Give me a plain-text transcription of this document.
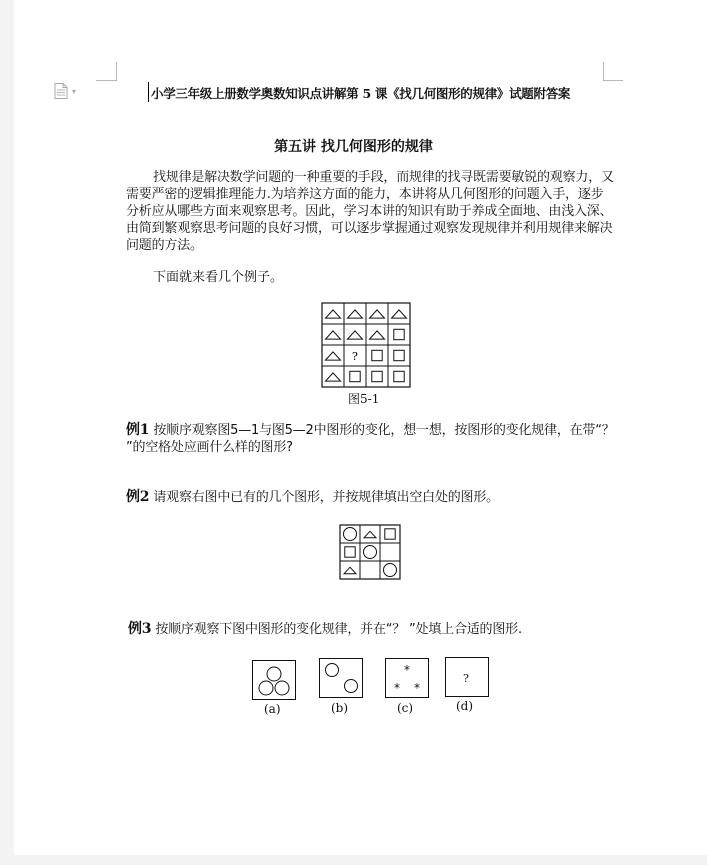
▾	小学三年级上册数学奥数知识点讲解第 5 课《找几何图形的规律》试题附答案
第五讲 找几何图形的规律

找规律是解决数学问题的一种重要的手段，而规律的找寻既需要敏锐的观察力，又需要严密的逻辑推理能力.为培养这方面的能力，本讲将从几何图形的问题入手，逐步分析应从哪些方面来观察思考。因此，学习本讲的知识有助于养成全面地、由浅入深、由简到繁观察思考问题的良好习惯，可以逐步掌握通过观察发现规律并利用规律来解决问题的方法。

下面就来看几个例子。
?
图5-1

例1 按顺序观察图5—1与图5—2中图形的变化，想一想，按图形的变化规律，在带“？ ”的空格处应画什么样的图形?

例2 请观察右图中已有的几个图形，并按规律填出空白处的图形。

例3 按顺序观察下图中图形的变化规律，并在“？ ”处填上合适的图形.

*
* *
?
(a)	(b)	(c)	(d)
